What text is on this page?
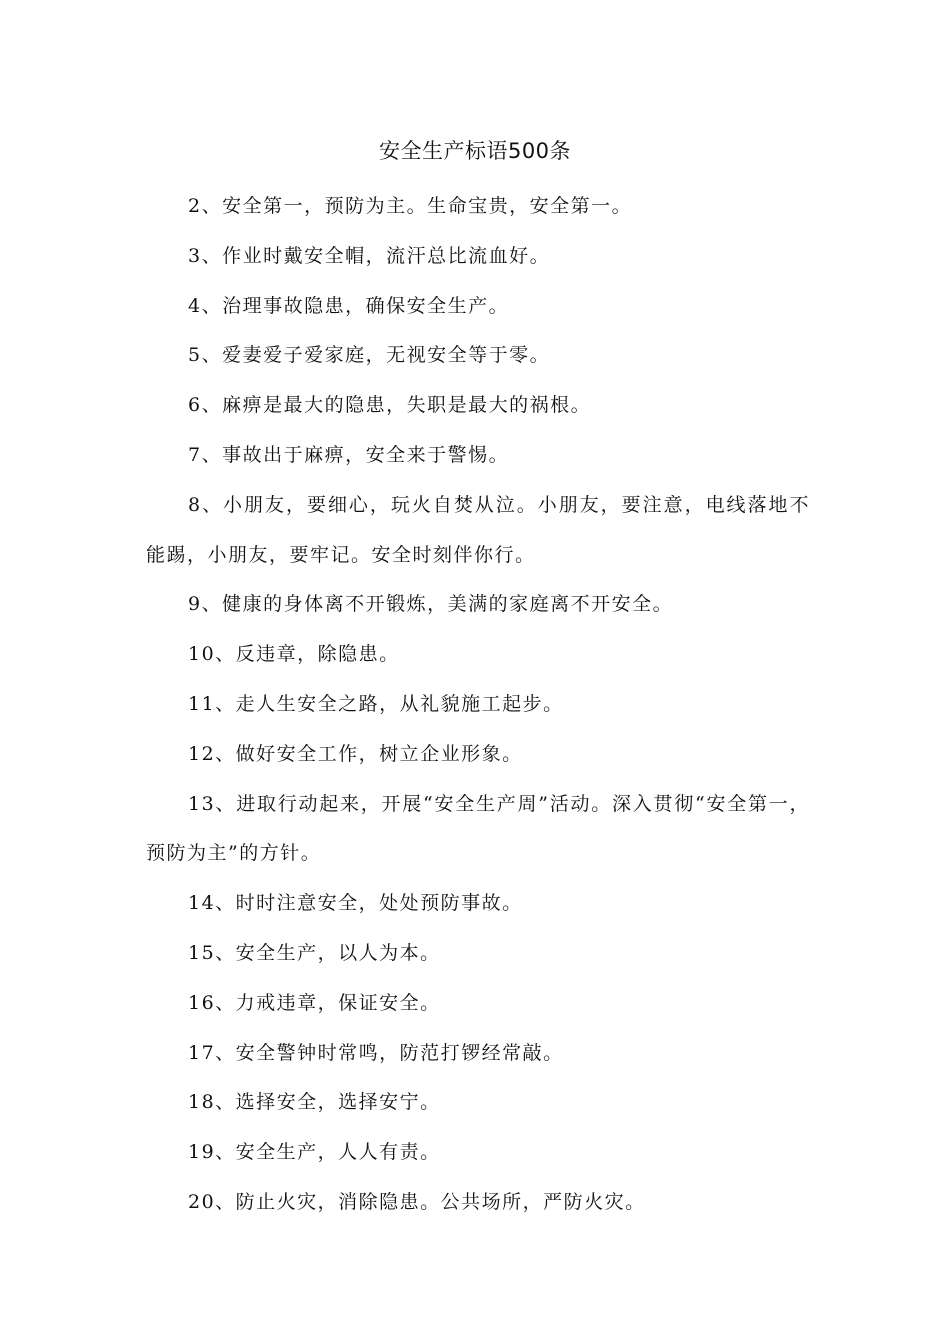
安全生产标语500条

2、安全第一，预防为主。生命宝贵，安全第一。

3、作业时戴安全帽，流汗总比流血好。

4、治理事故隐患，确保安全生产。

5、爱妻爱子爱家庭，无视安全等于零。

6、麻痹是最大的隐患，失职是最大的祸根。

7、事故出于麻痹，安全来于警惕。

8、小朋友，要细心，玩火自焚从泣。小朋友，要注意，电线落地不能踢，小朋友，要牢记。安全时刻伴你行。

9、健康的身体离不开锻炼，美满的家庭离不开安全。

10、反违章，除隐患。

11、走人生安全之路，从礼貌施工起步。

12、做好安全工作，树立企业形象。

13、进取行动起来，开展“安全生产周”活动。深入贯彻“安全第一，预防为主”的方针。

14、时时注意安全，处处预防事故。

15、安全生产，以人为本。

16、力戒违章，保证安全。

17、安全警钟时常鸣，防范打锣经常敲。

18、选择安全，选择安宁。

19、安全生产，人人有责。

20、防止火灾，消除隐患。公共场所，严防火灾。
